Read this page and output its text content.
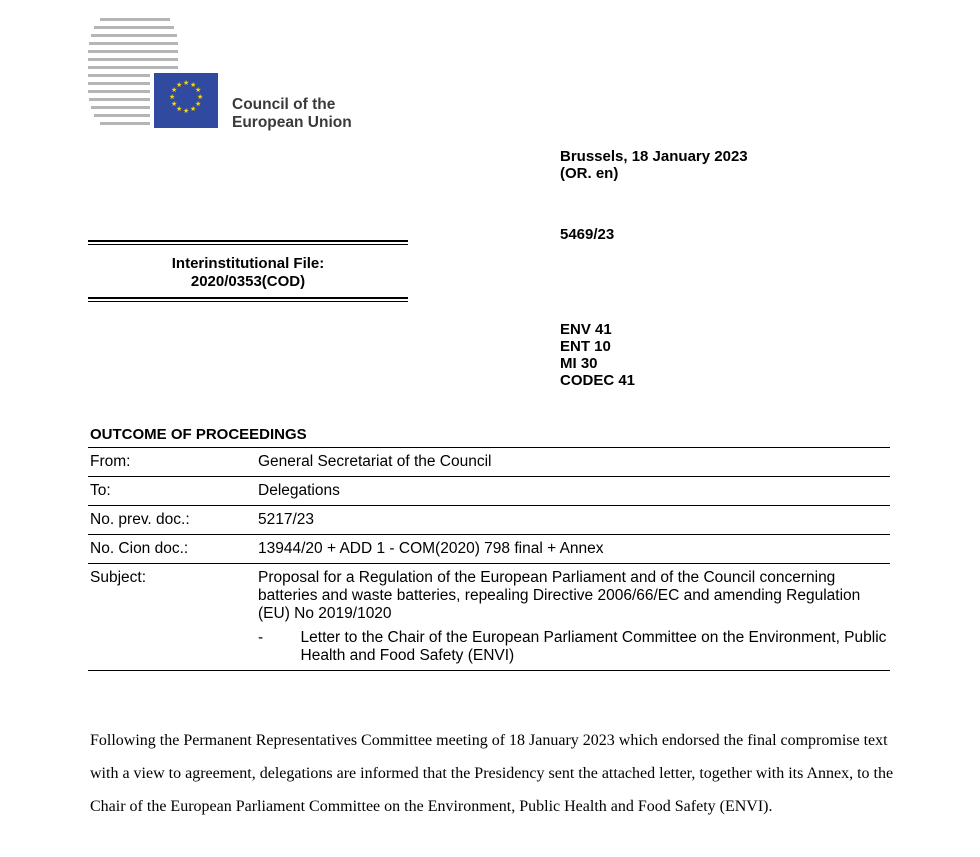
★ ★
★
★
★
★
★
★
★
★
★
★
Council of the
European Union
Brussels, 18 January 2023
(OR. en)
5469/23
ENV 41
ENT 10
MI 30
CODEC 41
Interinstitutional File:
2020/0353(COD)
OUTCOME OF PROCEEDINGS
From:	General Secretariat of the Council
To:	Delegations
No. prev. doc.:	5217/23
No. Cion doc.:	13944/20 + ADD 1 - COM(2020) 798 final + Annex
Subject:	Proposal for a Regulation of the European Parliament and of the Council concerning batteries and waste batteries, repealing Directive 2006/66/EC and amending Regulation (EU) No 2019/1020
-	Letter to the Chair of the European Parliament Committee on the Environment, Public Health and Food Safety (ENVI)
Following the Permanent Representatives Committee meeting of 18 January 2023 which endorsed the final compromise text with a view to agreement, delegations are informed that the Presidency sent the attached letter, together with its Annex, to the Chair of the European Parliament Committee on the Environment, Public Health and Food Safety (ENVI).
